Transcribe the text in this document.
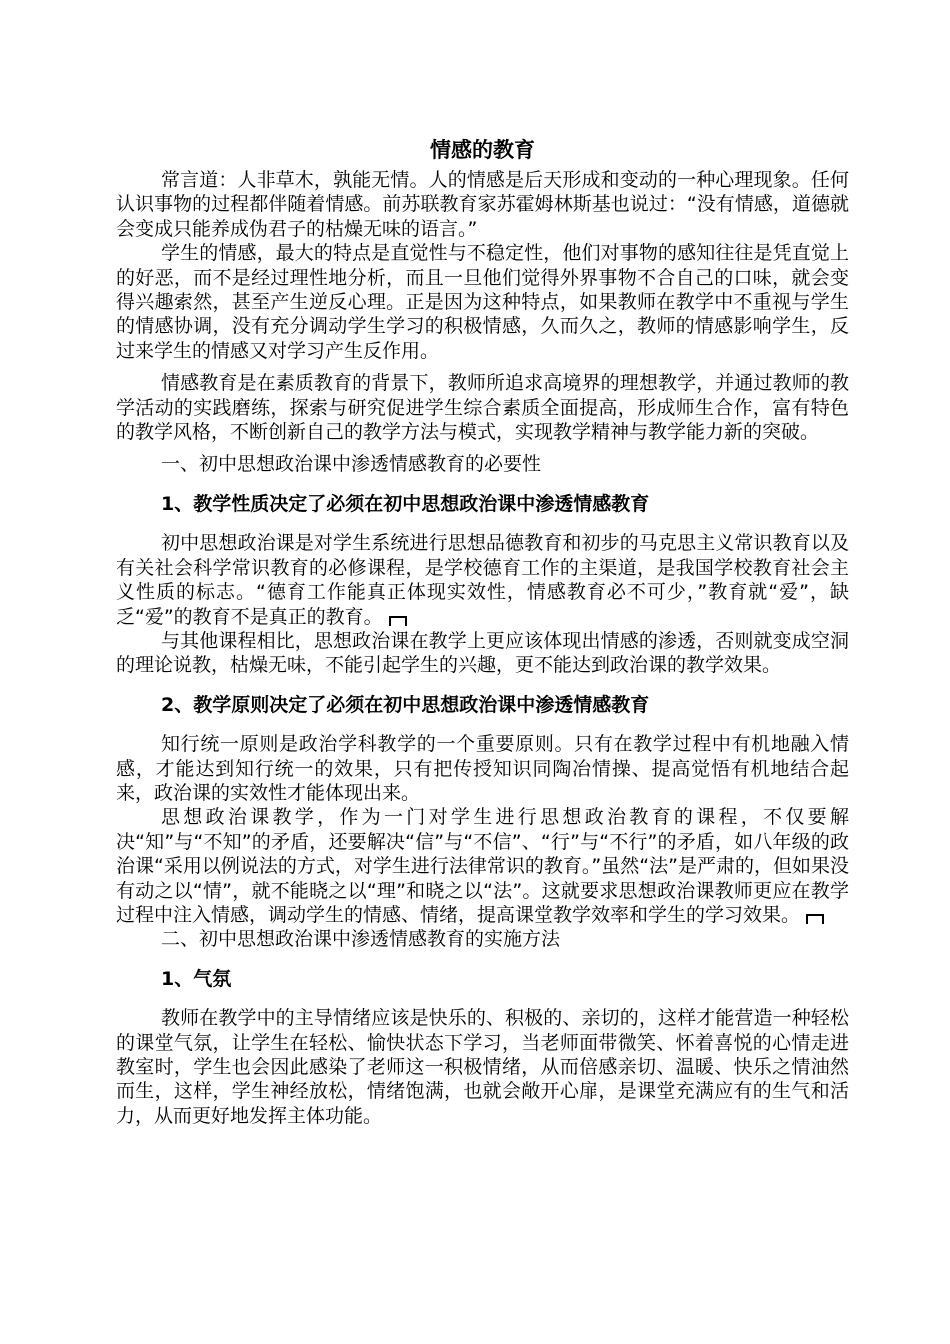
情感的教育

常言道：人非草木，孰能无情。人的情感是后天形成和变动的一种心理现象。任何认识事物的过程都伴随着情感。前苏联教育家苏霍姆林斯基也说过：“没有情感，道德就会变成只能养成伪君子的枯燥无味的语言。”

学生的情感，最大的特点是直觉性与不稳定性，他们对事物的感知往往是凭直觉上的好恶，而不是经过理性地分析，而且一旦他们觉得外界事物不合自己的口味，就会变得兴趣索然，甚至产生逆反心理。正是因为这种特点，如果教师在教学中不重视与学生的情感协调，没有充分调动学生学习的积极情感，久而久之，教师的情感影响学生，反过来学生的情感又对学习产生反作用。

情感教育是在素质教育的背景下，教师所追求高境界的理想教学，并通过教师的教学活动的实践磨练，探索与研究促进学生综合素质全面提高，形成师生合作，富有特色的教学风格，不断创新自己的教学方法与模式，实现教学精神与教学能力新的突破。

一、初中思想政治课中渗透情感教育的必要性

1、教学性质决定了必须在初中思想政治课中渗透情感教育

初中思想政治课是对学生系统进行思想品德教育和初步的马克思主义常识教育以及有关社会科学常识教育的必修课程，是学校德育工作的主渠道，是我国学校教育社会主义性质的标志。“德育工作能真正体现实效性，情感教育必不可少，”教育就“爱”，缺乏“爱”的教育不是真正的教育。

与其他课程相比，思想政治课在教学上更应该体现出情感的渗透，否则就变成空洞的理论说教，枯燥无味，不能引起学生的兴趣，更不能达到政治课的教学效果。

2、教学原则决定了必须在初中思想政治课中渗透情感教育

知行统一原则是政治学科教学的一个重要原则。只有在教学过程中有机地融入情感，才能达到知行统一的效果，只有把传授知识同陶冶情操、提高觉悟有机地结合起来，政治课的实效性才能体现出来。

思想政治课教学，作为一门对学生进行思想政治教育的课程，不仅要解决“知”与“不知”的矛盾，还要解决“信”与“不信”、“行”与“不行”的矛盾，如八年级的政治课“采用以例说法的方式，对学生进行法律常识的教育。”虽然“法”是严肃的，但如果没有动之以“情”，就不能晓之以“理”和晓之以“法”。这就要求思想政治课教师更应在教学过程中注入情感，调动学生的情感、情绪，提高课堂教学效率和学生的学习效果。

二、初中思想政治课中渗透情感教育的实施方法

1、气氛

教师在教学中的主导情绪应该是快乐的、积极的、亲切的，这样才能营造一种轻松的课堂气氛，让学生在轻松、愉快状态下学习，当老师面带微笑、怀着喜悦的心情走进教室时，学生也会因此感染了老师这一积极情绪，从而倍感亲切、温暖、快乐之情油然而生，这样，学生神经放松，情绪饱满，也就会敞开心扉，是课堂充满应有的生气和活力，从而更好地发挥主体功能。
